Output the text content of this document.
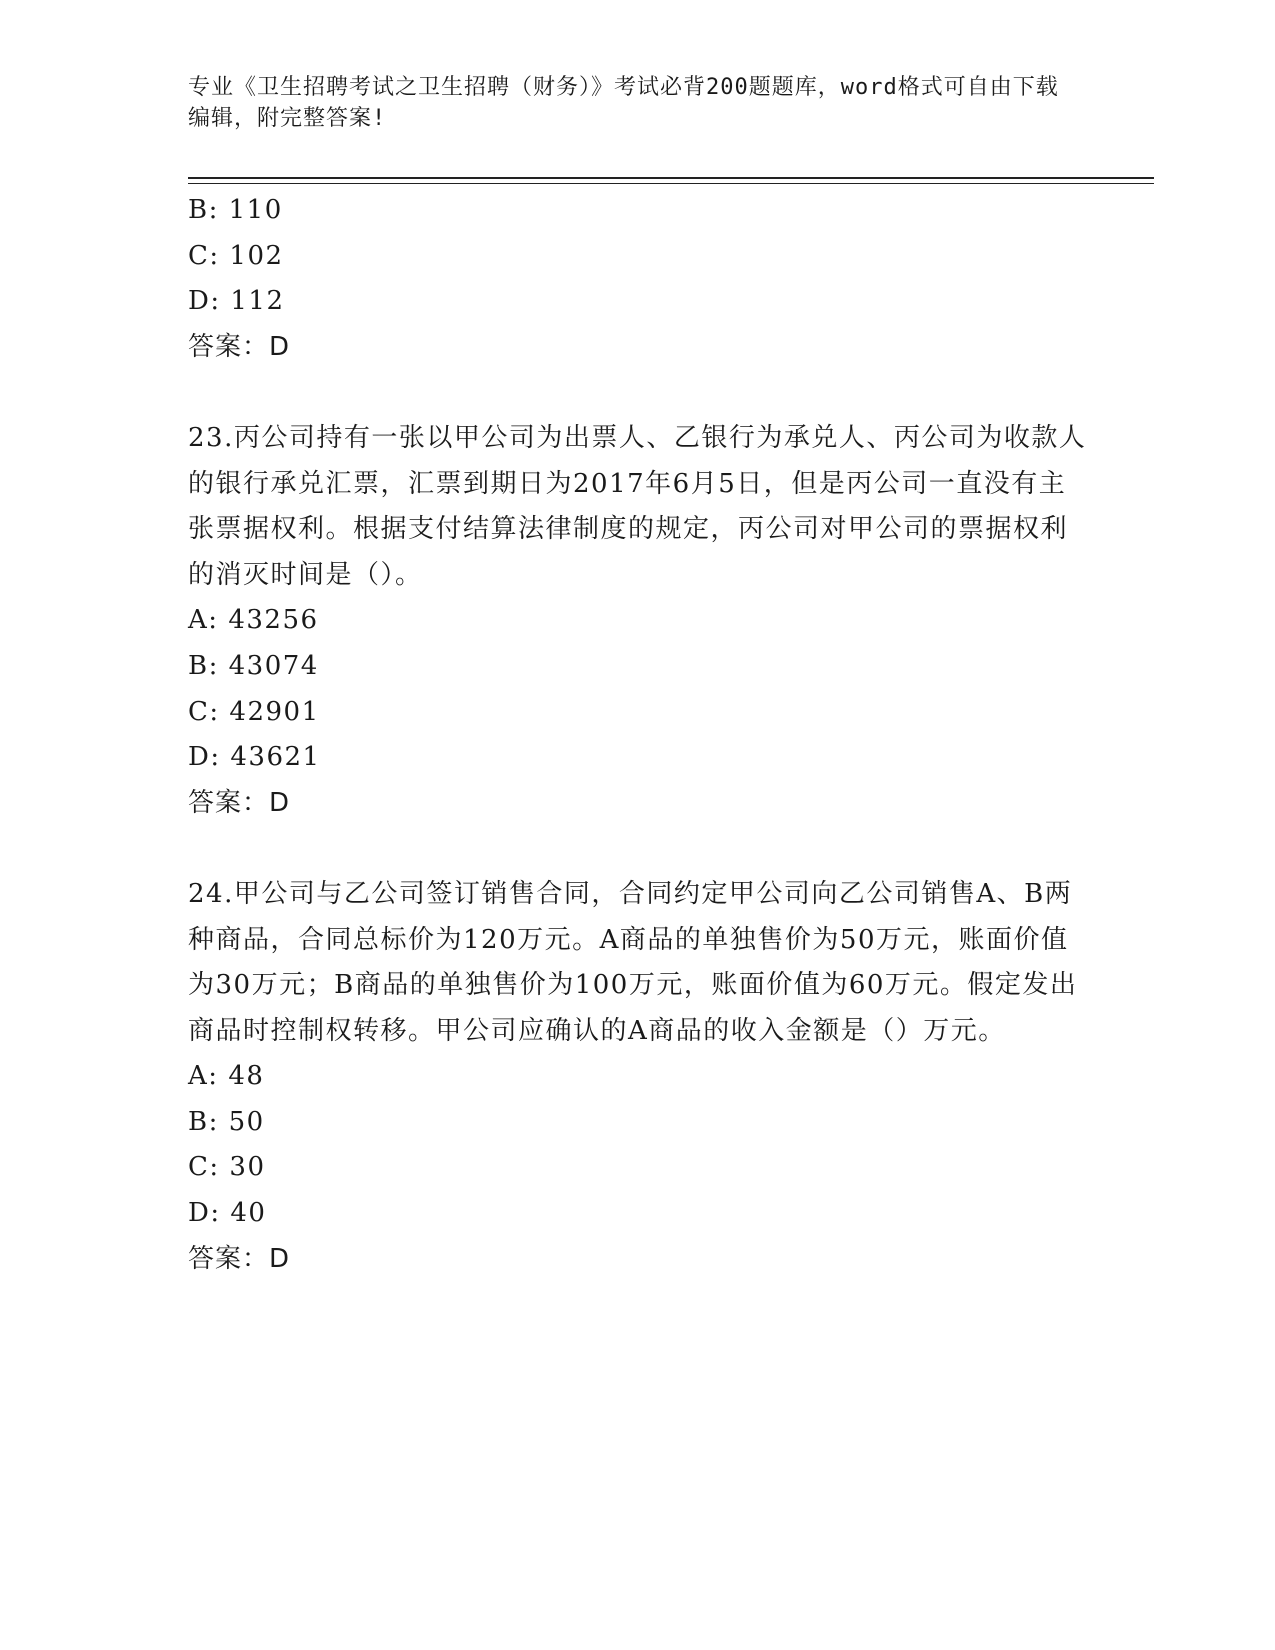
专业《卫生招聘考试之卫生招聘（财务）》考试必背200题题库，word格式可自由下载编辑，附完整答案!
B: 110
C: 102
D: 112
答案：D
23.丙公司持有一张以甲公司为出票人、乙银行为承兑人、丙公司为收款人的银行承兑汇票，汇票到期日为2017年6月5日，但是丙公司一直没有主张票据权利。根据支付结算法律制度的规定，丙公司对甲公司的票据权利的消灭时间是（）。
A: 43256
B: 43074
C: 42901
D: 43621
答案：D
24.甲公司与乙公司签订销售合同，合同约定甲公司向乙公司销售A、B两种商品，合同总标价为120万元。A商品的单独售价为50万元，账面价值为30万元；B商品的单独售价为100万元，账面价值为60万元。假定发出商品时控制权转移。甲公司应确认的A商品的收入金额是（）万元。
A: 48
B: 50
C: 30
D: 40
答案：D
